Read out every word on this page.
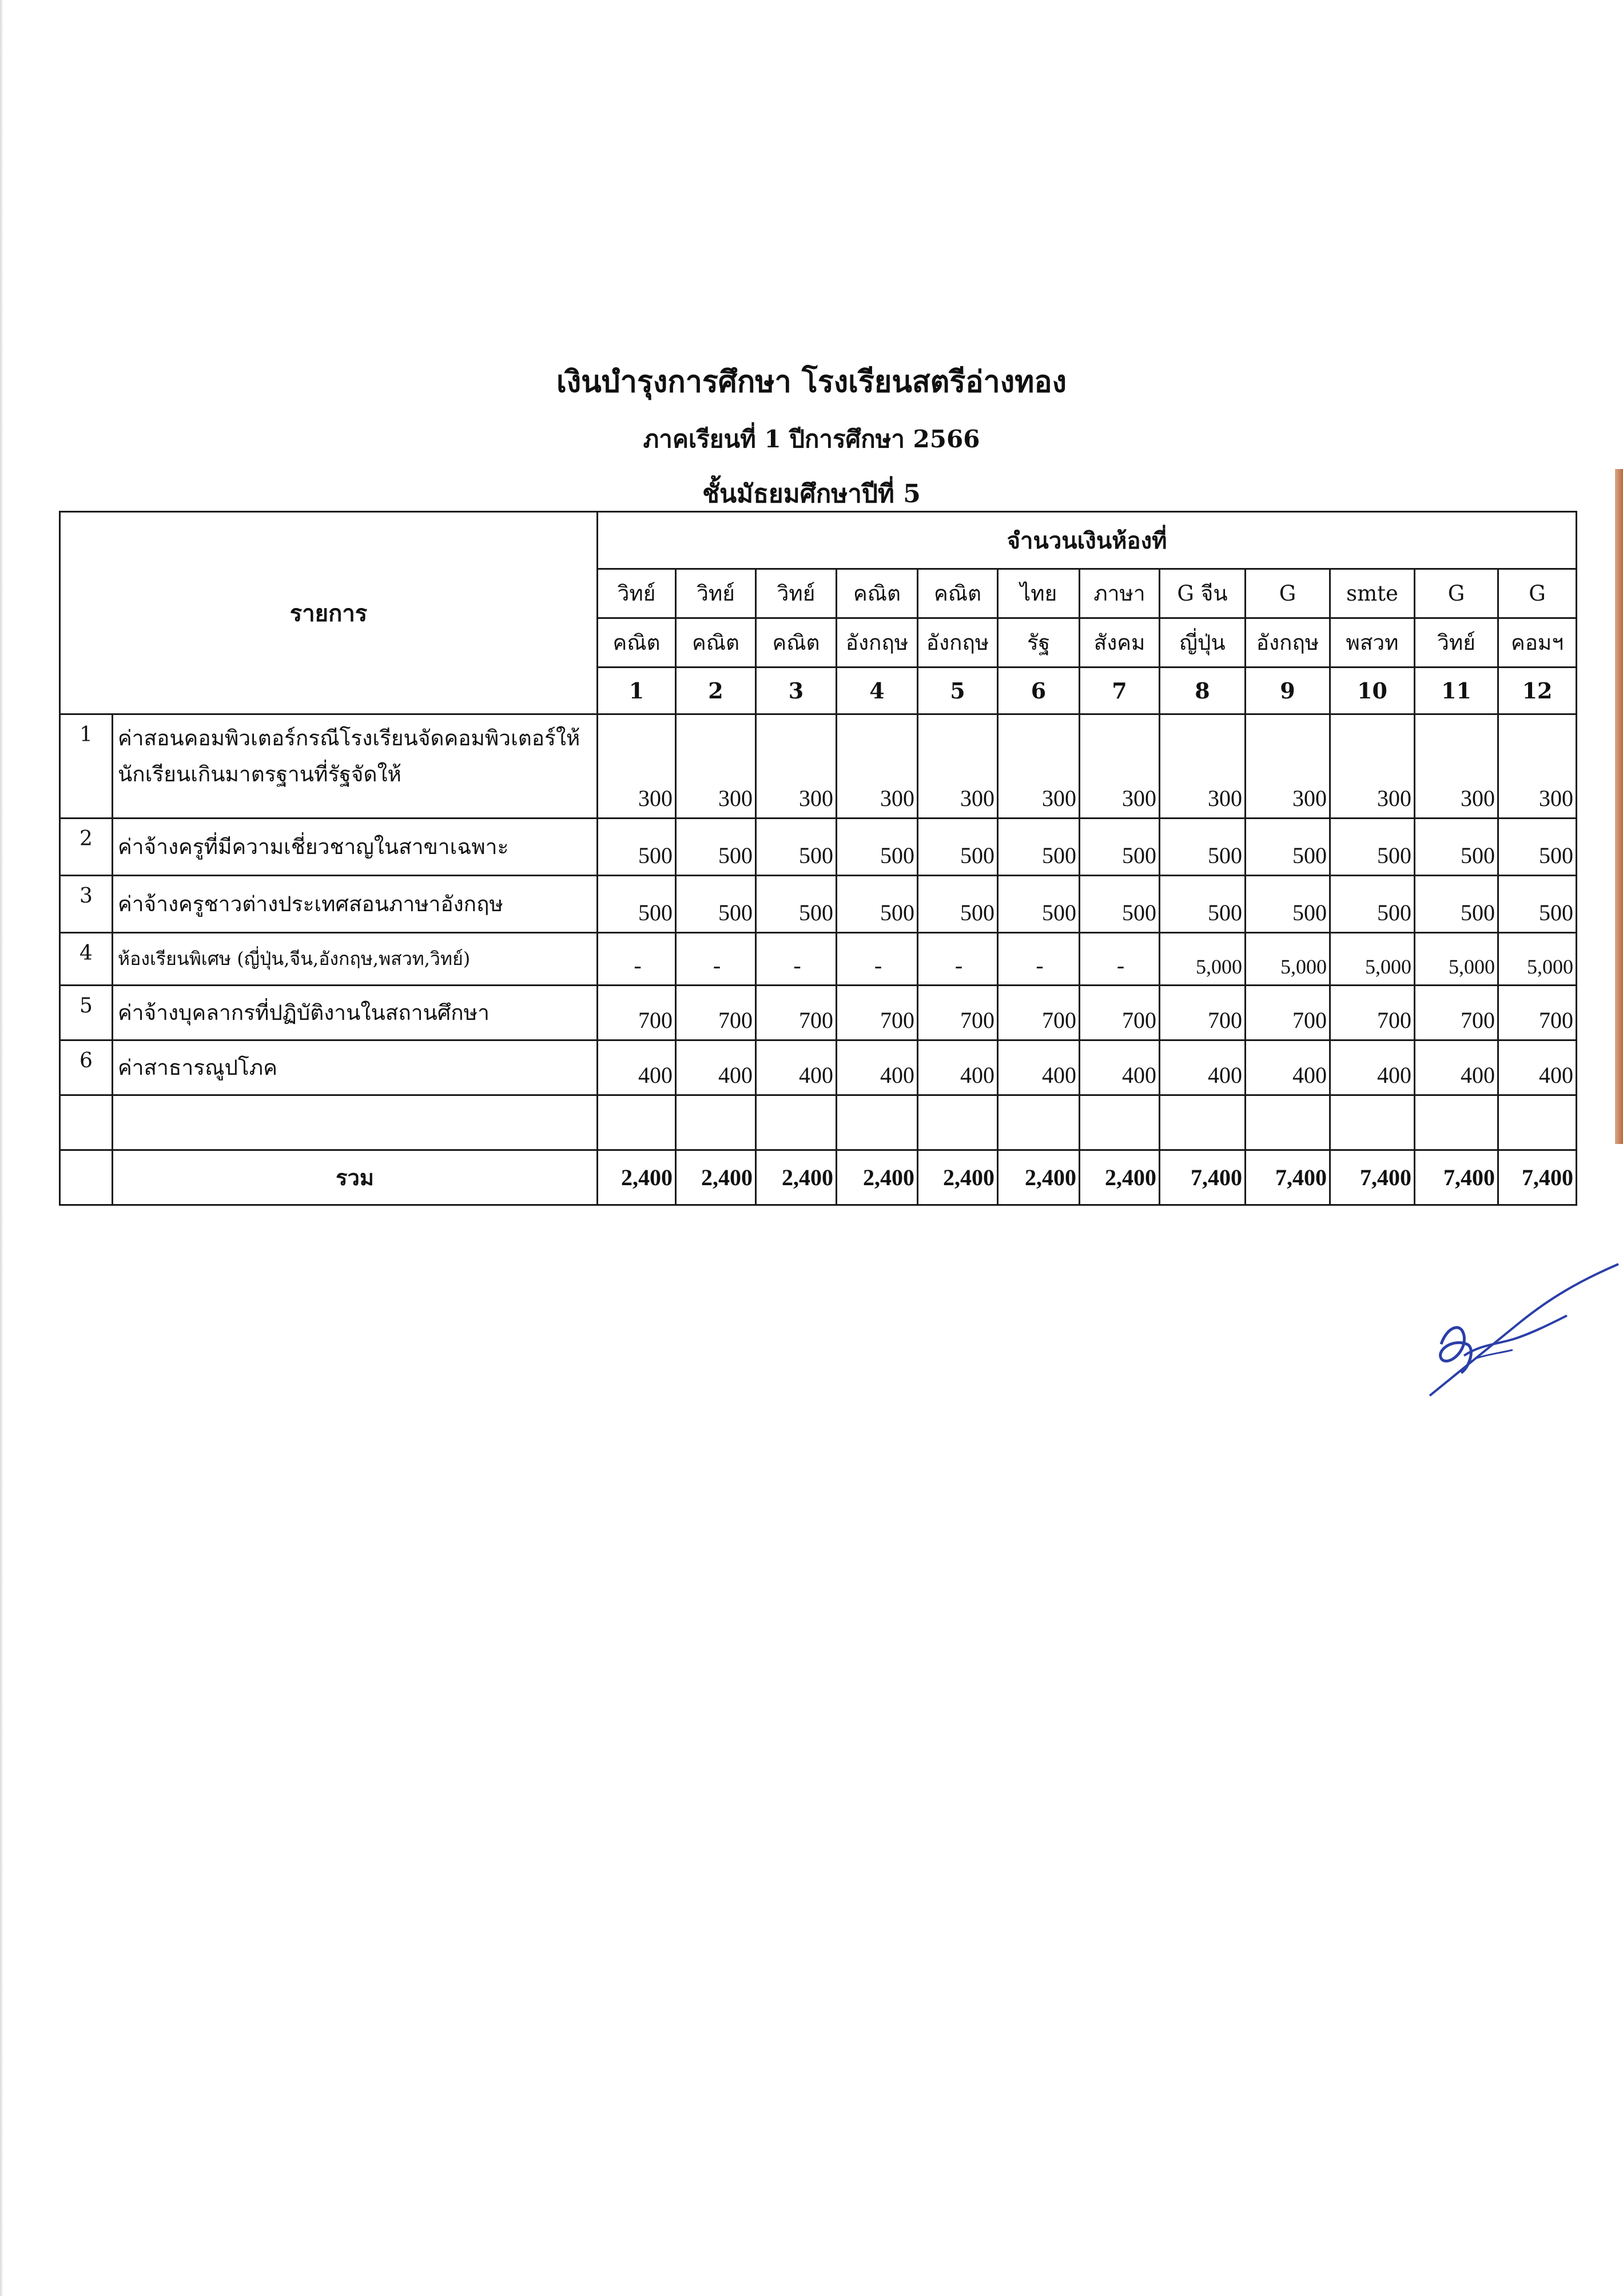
เงินบำรุงการศึกษา โรงเรียนสตรีอ่างทอง
ภาคเรียนที่ 1 ปีการศึกษา 2566
ชั้นมัธยมศึกษาปีที่ 5
รายการ		จำนวนเงินห้องที่											
		วิทย์	วิทย์	วิทย์	คณิต	คณิต	ไทย	ภาษา	G จีน	G	smte	G	G
		คณิต	คณิต	คณิต	อังกฤษ	อังกฤษ	รัฐ	สังคม	ญี่ปุ่น	อังกฤษ	พสวท	วิทย์	คอมฯ
		1	2	3	4	5	6	7	8	9	10	11	12
1	ค่าสอนคอมพิวเตอร์กรณีโรงเรียนจัดคอมพิวเตอร์ให้นักเรียนเกินมาตรฐานที่รัฐจัดให้	300	300	300	300	300	300	300	300	300	300	300	300
2	ค่าจ้างครูที่มีความเชี่ยวชาญในสาขาเฉพาะ	500	500	500	500	500	500	500	500	500	500	500	500
3	ค่าจ้างครูชาวต่างประเทศสอนภาษาอังกฤษ	500	500	500	500	500	500	500	500	500	500	500	500
4	ห้องเรียนพิเศษ (ญี่ปุ่น,จีน,อังกฤษ,พสวท,วิทย์)	-	-	-	-	-	-	-	5,000	5,000	5,000	5,000	5,000
5	ค่าจ้างบุคลากรที่ปฏิบัติงานในสถานศึกษา	700	700	700	700	700	700	700	700	700	700	700	700
6	ค่าสาธารณูปโภค	400	400	400	400	400	400	400	400	400	400	400	400

	รวม	2,400	2,400	2,400	2,400	2,400	2,400	2,400	7,400	7,400	7,400	7,400	7,400
